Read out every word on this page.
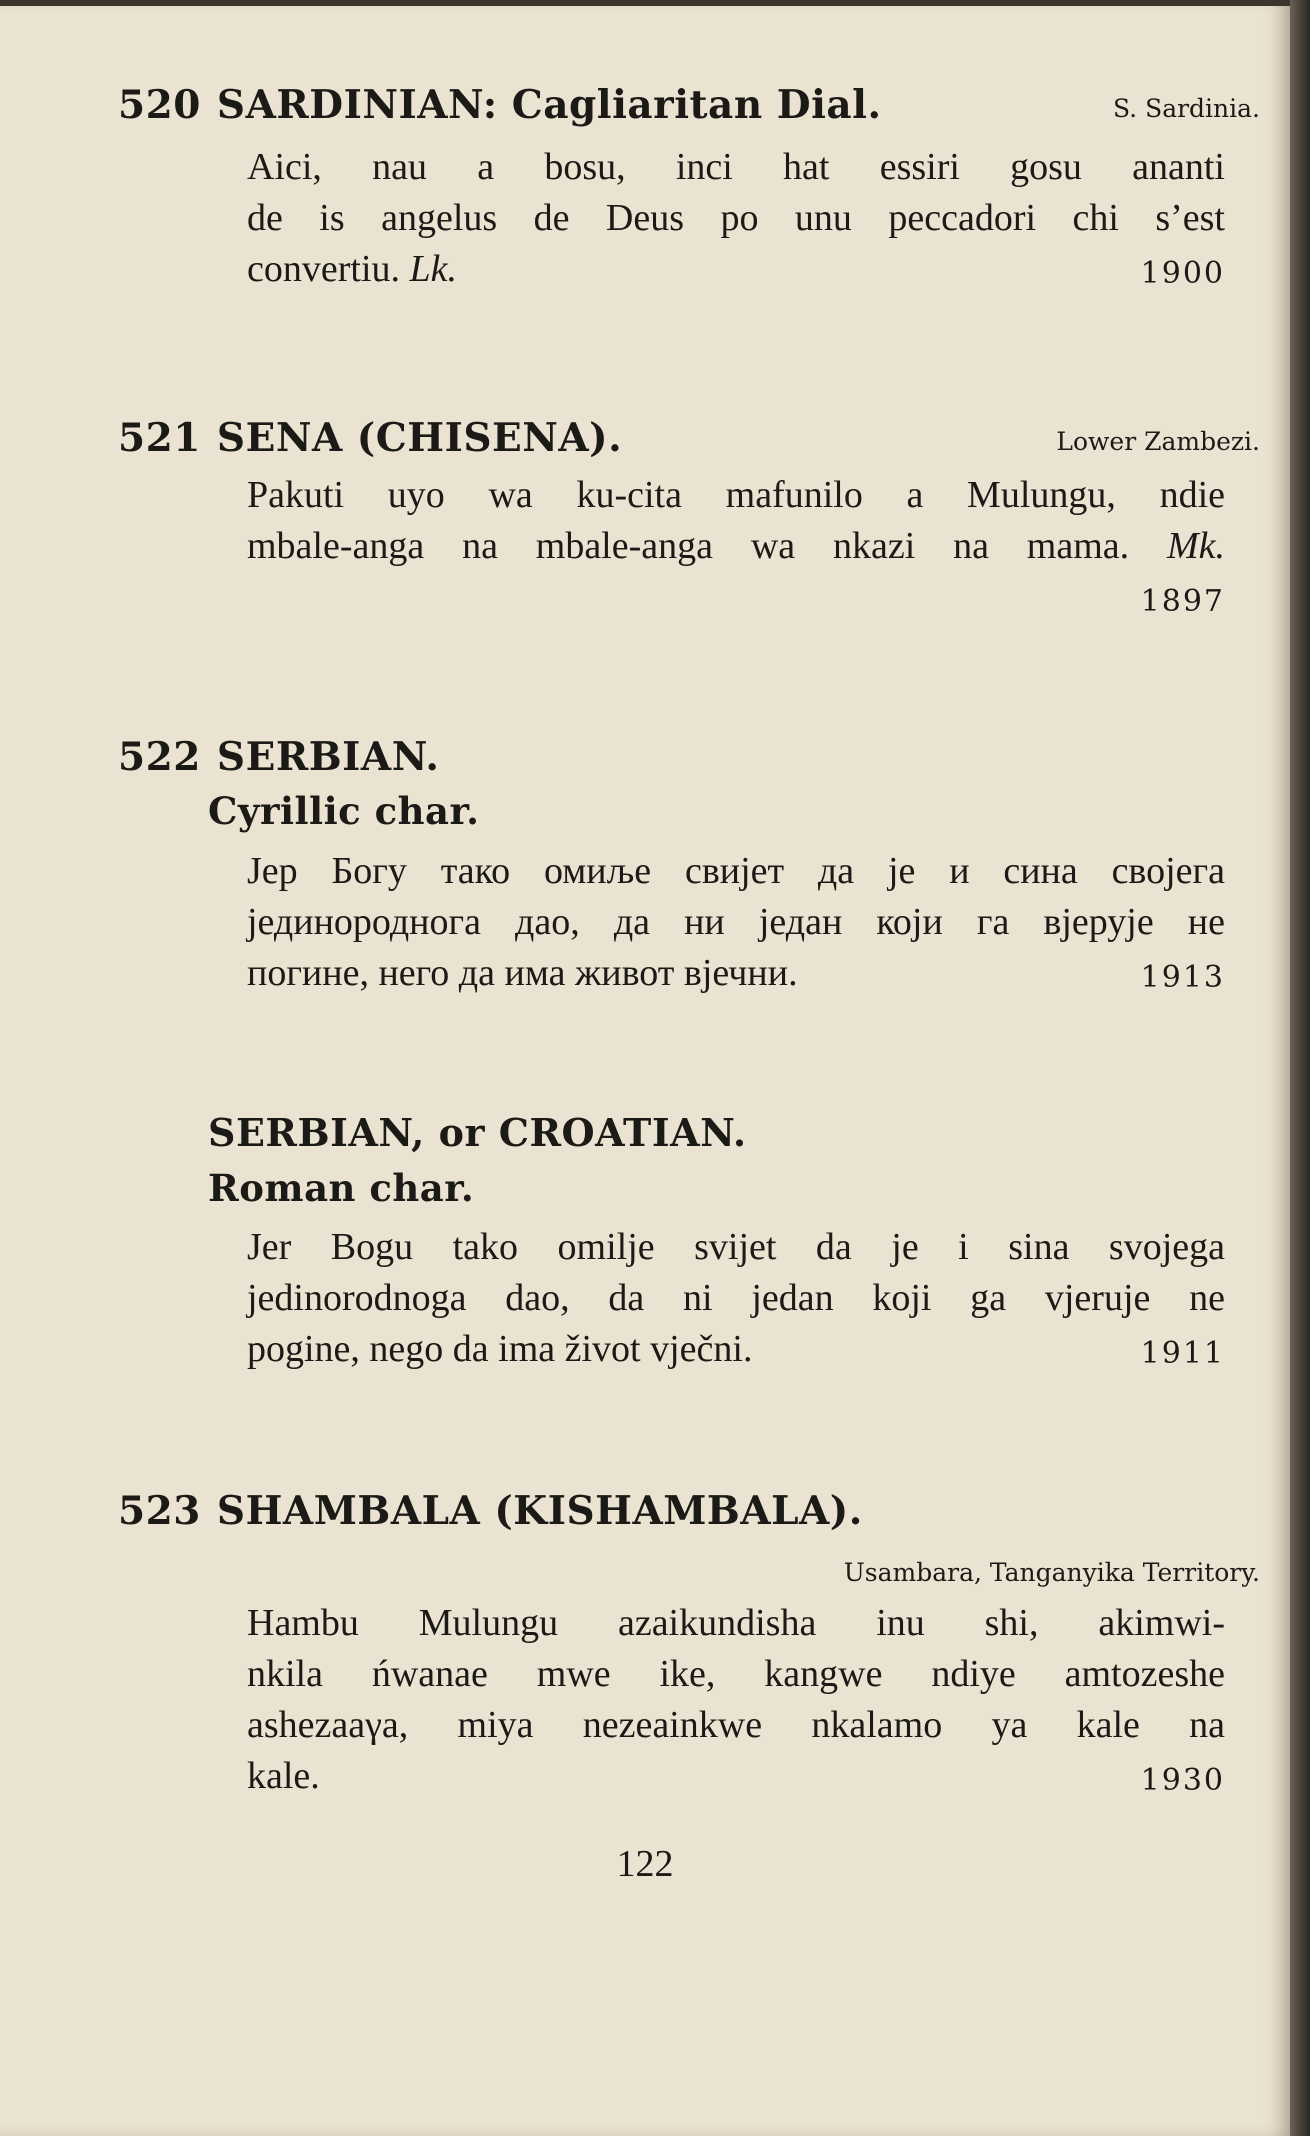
520 SARDINIAN: Cagliaritan Dial.	S. Sardinia.
Aici, nau a bosu, inci hat essiri gosu ananti
de is angelus de Deus po unu peccadori chi s’est
convertiu. Lk.	1900
521 SENA (CHISENA).	Lower Zambezi.
Pakuti uyo wa ku-cita mafunilo a Mulungu, ndie
mbale-anga na mbale-anga wa nkazi na mama. Mk.
1897
522 SERBIAN.
Cyrillic char.
Јер Богу тако омиље свијет да је и сина својега
јединороднога дао, да ни један који га вјерује не
погине, него да има живот вјечни.	1913
SERBIAN, or CROATIAN.
Roman char.
Jer Bogu tako omilje svijet da je i sina svojega
jedinorodnoga dao, da ni jedan koji ga vjeruje ne
pogine, nego da ima život vječni.	1911
523 SHAMBALA (KISHAMBALA).
Usambara, Tanganyika Territory.
Hambu Mulungu azaikundisha inu shi, akimwi-
nkila ńwanae mwe ike, kangwe ndiye amtozeshe
ashezaaγa, miya nezeainkwe nkalamo ya kale na
kale.	1930
122
